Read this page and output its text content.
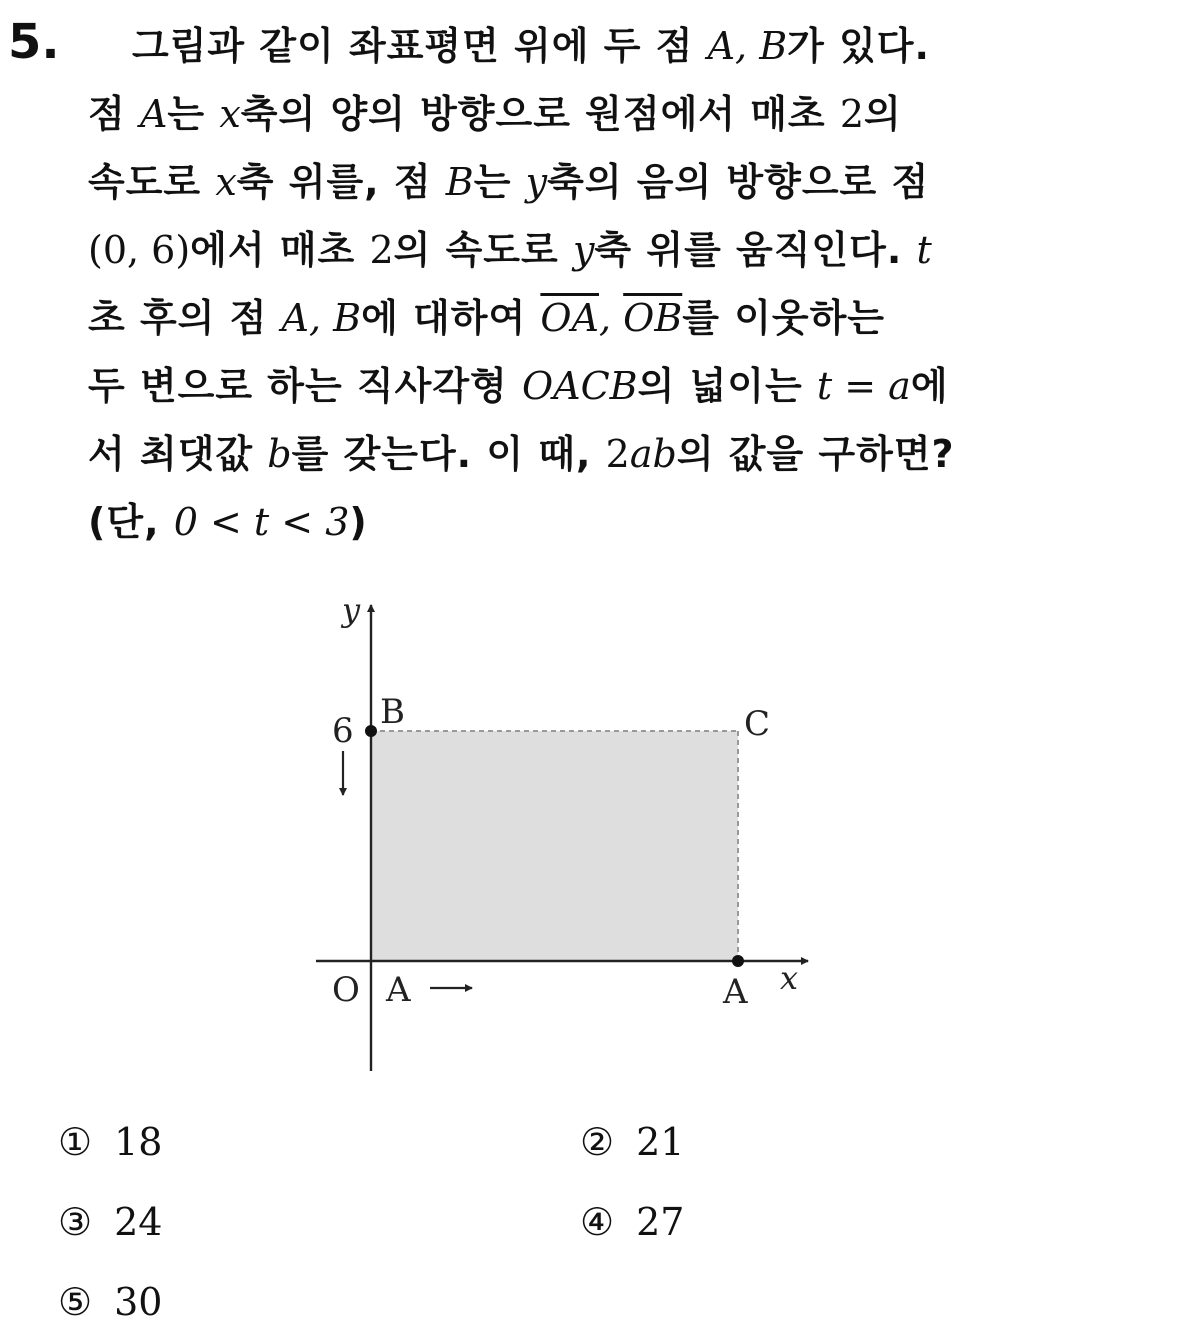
5.	그림과 같이 좌표평면 위에 두 점 A, B가 있다.
점 A는 x축의 양의 방향으로 원점에서 매초 2의
속도로 x축 위를, 점 B는 y축의 음의 방향으로 점
(0, 6)에서 매초 2의 속도로 y축 위를 움직인다. t
초 후의 점 A, B에 대하여 $\overline{OA}$, $\overline{OB}$를 이웃하는
두 변으로 하는 직사각형 OACB의 넓이는 t = a에
서 최댓값 b를 갖는다. 이 때, 2ab의 값을 구하면?
(단, 0 < t < 3)
y
x
6 B	C
O A	A
① 18	② 21
③ 24	④ 27
⑤ 30
